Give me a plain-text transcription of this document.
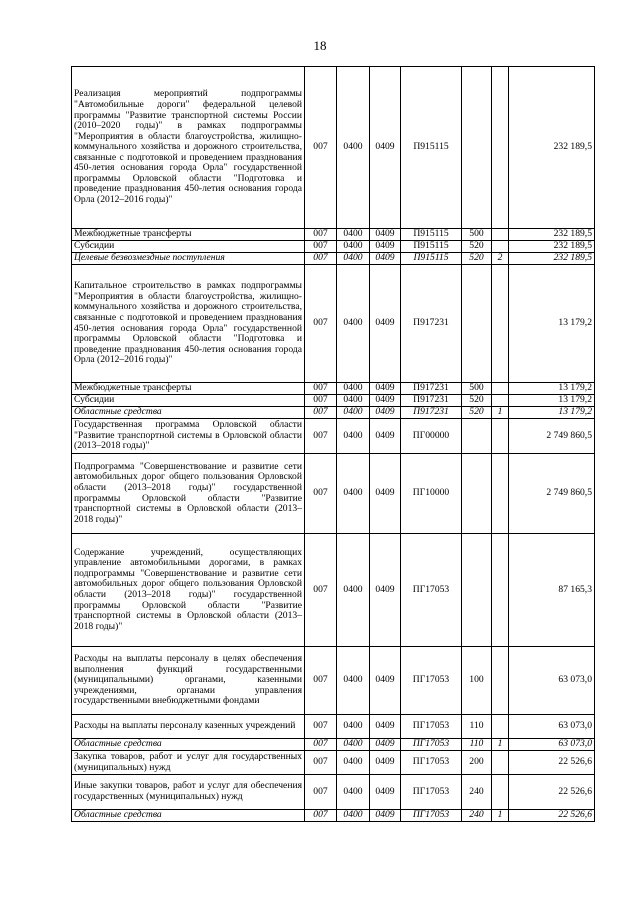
18
Реализация мероприятий подпрограммы "Автомобильные дороги" федеральной целевой программы "Развитие транспортной системы России (2010–2020 годы)" в рамках подпрограммы "Мероприятия в области благоустройства, жилищно-коммунального хозяйства и дорожного строительства, связанные с подготовкой и проведением празднования 450-летия основания города Орла" государственной программы Орловской области "Подготовка и проведение празднования 450-летия основания города Орла (2012–2016 годы)"	007	0400	0409	П915115			232 189,5
Межбюджетные трансферты	007	0400	0409	П915115	500		232 189,5
Субсидии	007	0400	0409	П915115	520		232 189,5
Целевые безвозмездные поступления	007	0400	0409	П915115	520	2	232 189,5
Капитальное строительство в рамках подпрограммы "Мероприятия в области благоустройства, жилищно-коммунального хозяйства и дорожного строительства, связанные с подготовкой и проведением празднования 450-летия основания города Орла" государственной программы Орловской области "Подготовка и проведение празднования 450-летия основания города Орла (2012–2016 годы)"	007	0400	0409	П917231			13 179,2
Межбюджетные трансферты	007	0400	0409	П917231	500		13 179,2
Субсидии	007	0400	0409	П917231	520		13 179,2
Областные средства	007	0400	0409	П917231	520	1	13 179,2
Государственная программа Орловской области "Развитие транспортной системы в Орловской области (2013–2018 годы)"	007	0400	0409	ПГ00000			2 749 860,5
Подпрограмма "Совершенствование и развитие сети автомобильных дорог общего пользования Орловской области (2013–2018 годы)" государственной программы Орловской области "Развитие транспортной системы в Орловской области (2013–2018 годы)"	007	0400	0409	ПГ10000			2 749 860,5
Содержание учреждений, осуществляющих управление автомобильными дорогами, в рамках подпрограммы "Совершенствование и развитие сети автомобильных дорог общего пользования Орловской области (2013–2018 годы)" государственной программы Орловской области "Развитие транспортной системы в Орловской области (2013–2018 годы)"	007	0400	0409	ПГ17053			87 165,3
Расходы на выплаты персоналу в целях обеспечения выполнения функций государственными (муниципальными) органами, казенными учреждениями, органами управления государственными внебюджетными фондами	007	0400	0409	ПГ17053	100		63 073,0
Расходы на выплаты персоналу казенных учреждений	007	0400	0409	ПГ17053	110		63 073,0
Областные средства	007	0400	0409	ПГ17053	110	1	63 073,0
Закупка товаров, работ и услуг для государственных (муниципальных) нужд	007	0400	0409	ПГ17053	200		22 526,6
Иные закупки товаров, работ и услуг для обеспечения государственных (муниципальных) нужд	007	0400	0409	ПГ17053	240		22 526,6
Областные средства	007	0400	0409	ПГ17053	240	1	22 526,6
